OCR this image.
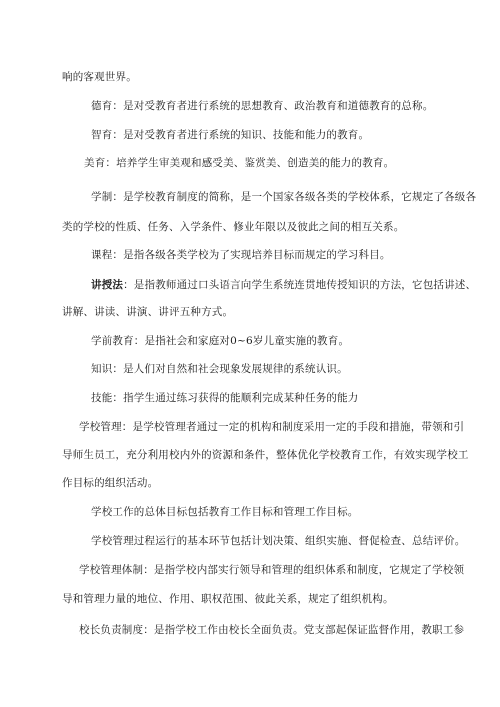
响的客观世界。
德育：是对受教育者进行系统的思想教育、政治教育和道德教育的总称。
智育：是对受教育者进行系统的知识、技能和能力的教育。
美育：培养学生审美观和感受美、鉴赏美、创造美的能力的教育。
学制：是学校教育制度的简称，是一个国家各级各类的学校体系，它规定了各级各
类的学校的性质、任务、入学条件、修业年限以及彼此之间的相互关系。
课程：是指各级各类学校为了实现培养目标而规定的学习科目。
讲授法：是指教师通过口头语言向学生系统连贯地传授知识的方法，它包括讲述、
讲解、讲读、讲演、讲评五种方式。
学前教育：是指社会和家庭对0~6岁儿童实施的教育。
知识：是人们对自然和社会现象发展规律的系统认识。
技能：指学生通过练习获得的能顺利完成某种任务的能力
学校管理：是学校管理者通过一定的机构和制度采用一定的手段和措施，带领和引
导师生员工，充分利用校内外的资源和条件，整体优化学校教育工作，有效实现学校工
作目标的组织活动。
学校工作的总体目标包括教育工作目标和管理工作目标。
学校管理过程运行的基本环节包括计划决策、组织实施、督促检查、总结评价。
学校管理体制：是指学校内部实行领导和管理的组织体系和制度，它规定了学校领
导和管理力量的地位、作用、职权范围、彼此关系，规定了组织机构。
校长负责制度：是指学校工作由校长全面负责。党支部起保证监督作用，教职工参
